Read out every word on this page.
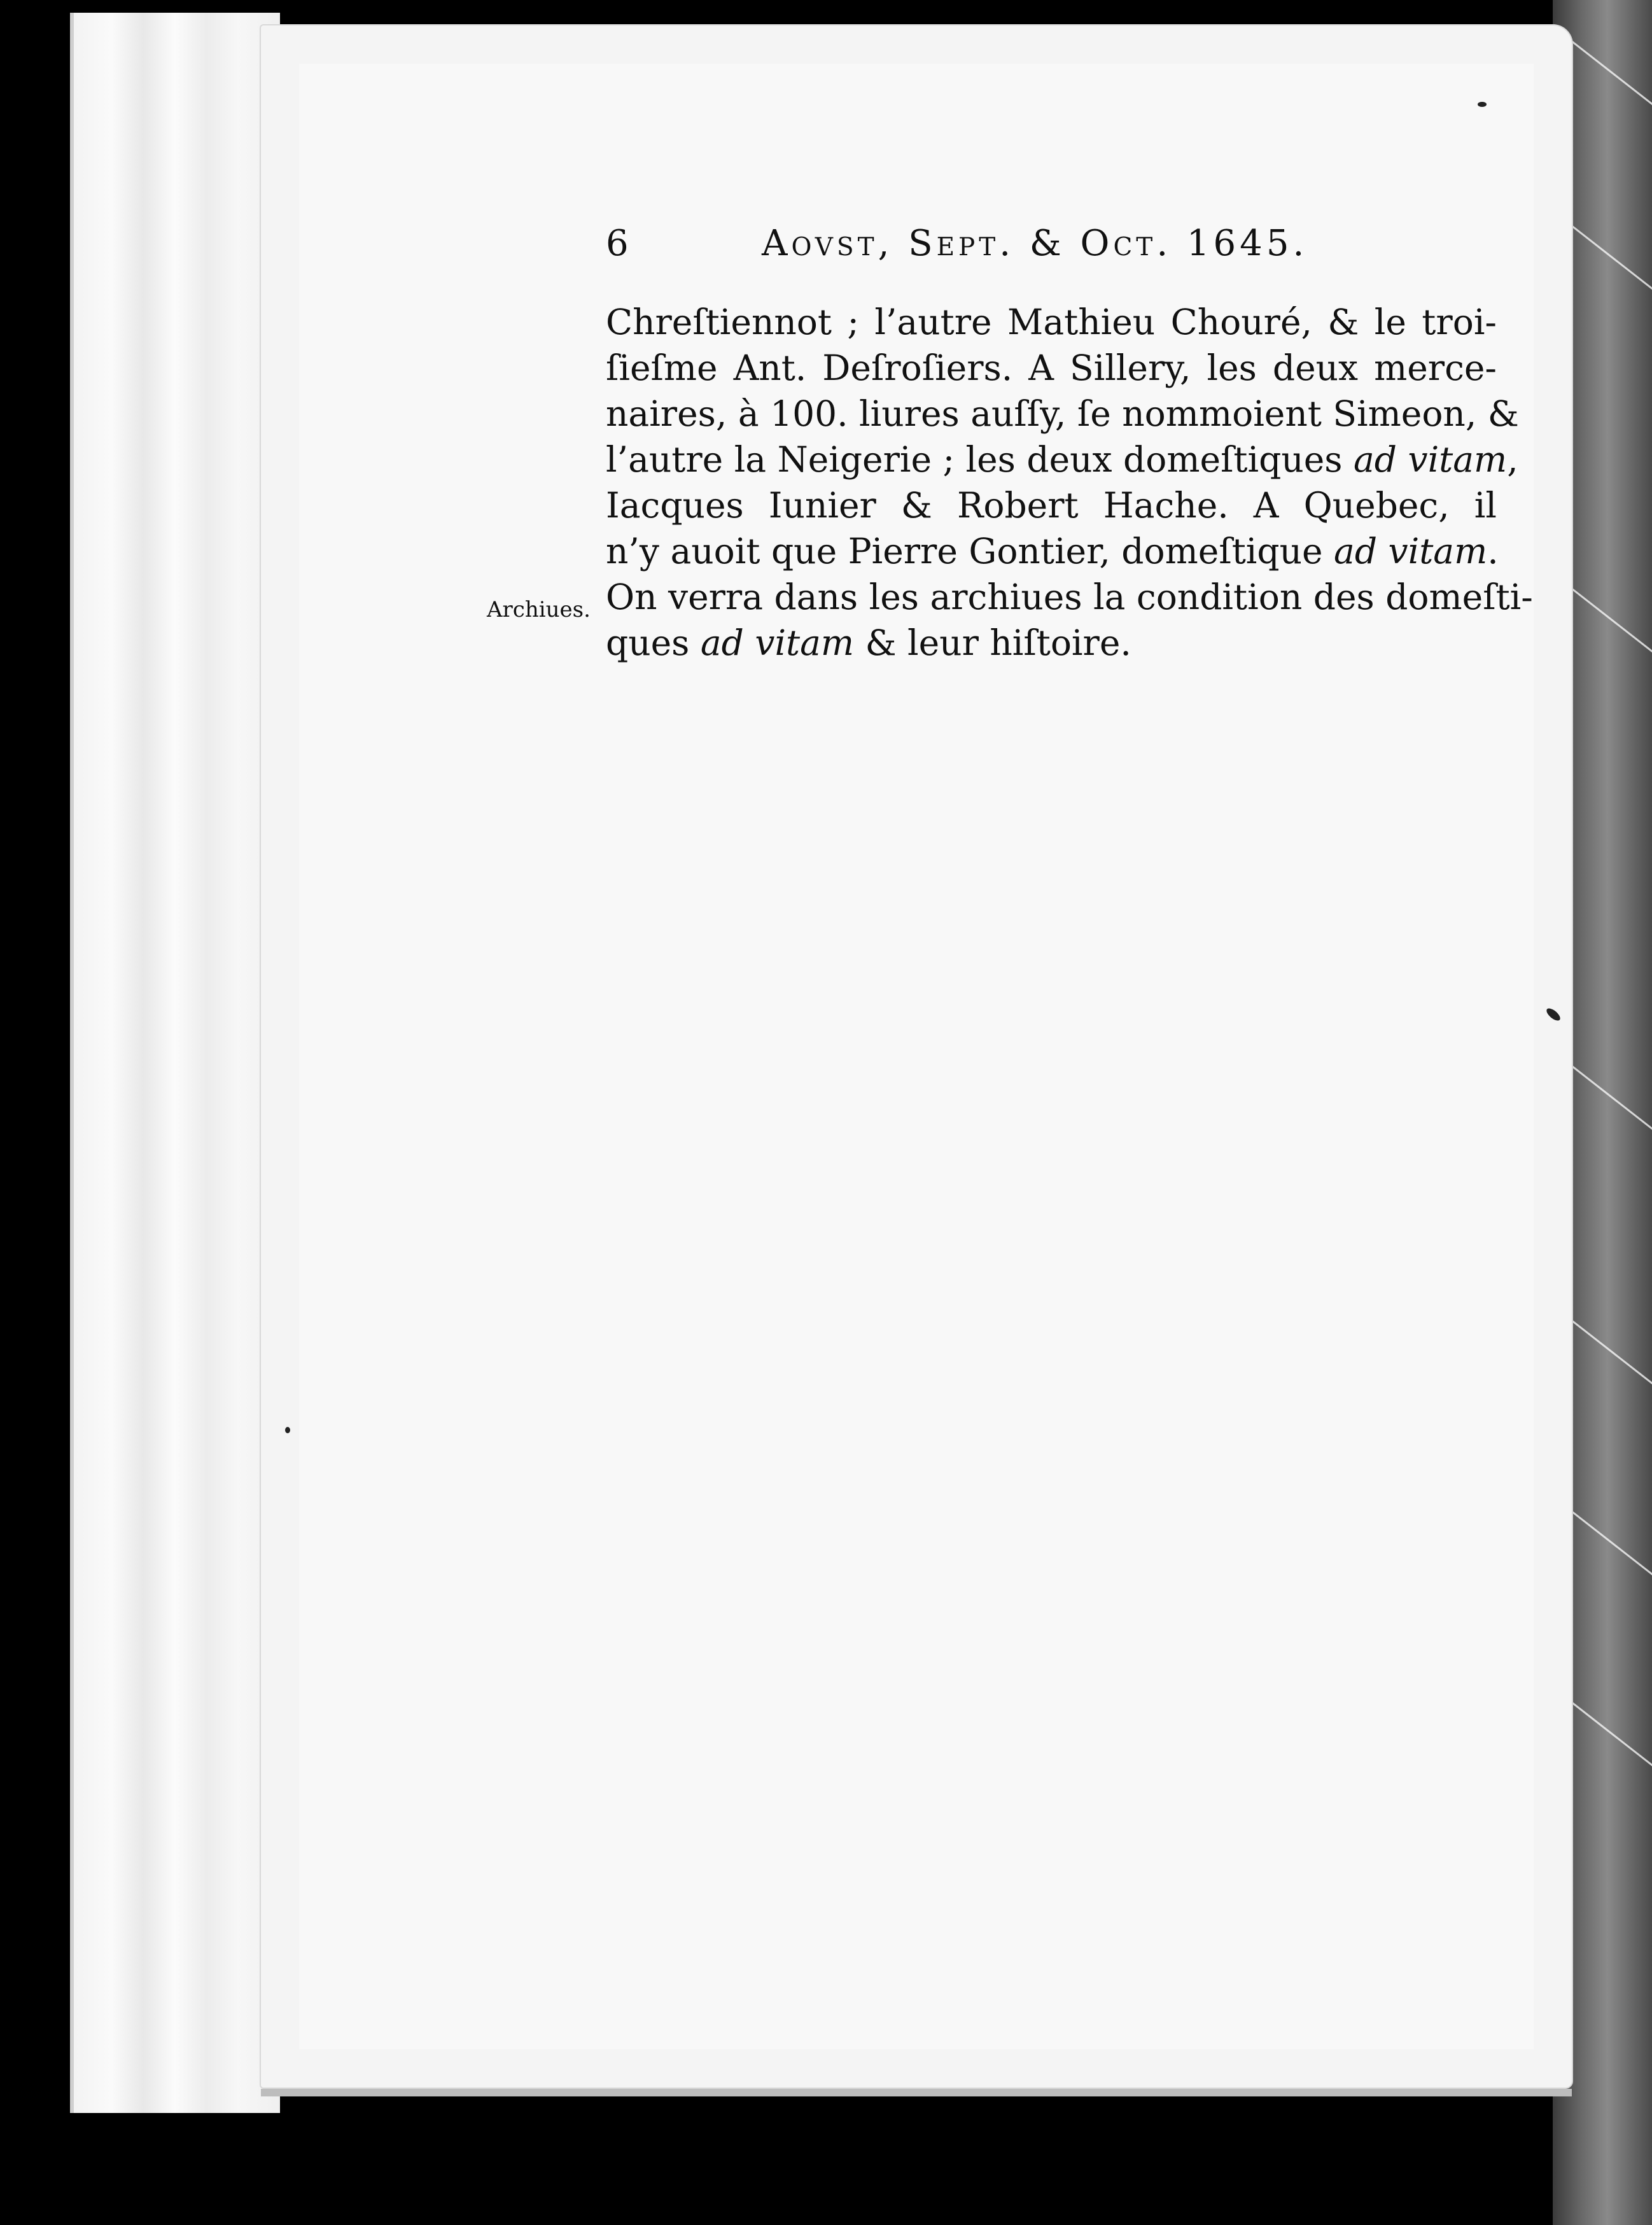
6	Aovst, Sept. & Oct. 1645.
Archiues.
Chreſtiennot ; l’autre Mathieu Chouré, & le troi-
ſieſme Ant. Deſroſiers. A Sillery, les deux merce-
naires, à 100. liures auſſy, ſe nommoient Simeon, &
l’autre la Neigerie ; les deux domeſtiques ad vitam
Iacques Iunier & Robert Hache. A Quebec, il
n’y auoit que Pierre Gontier, domeſtique ad vitam.
On verra dans les archiues la condition des domeſti-
ques ad vitam & leur hiſtoire.
